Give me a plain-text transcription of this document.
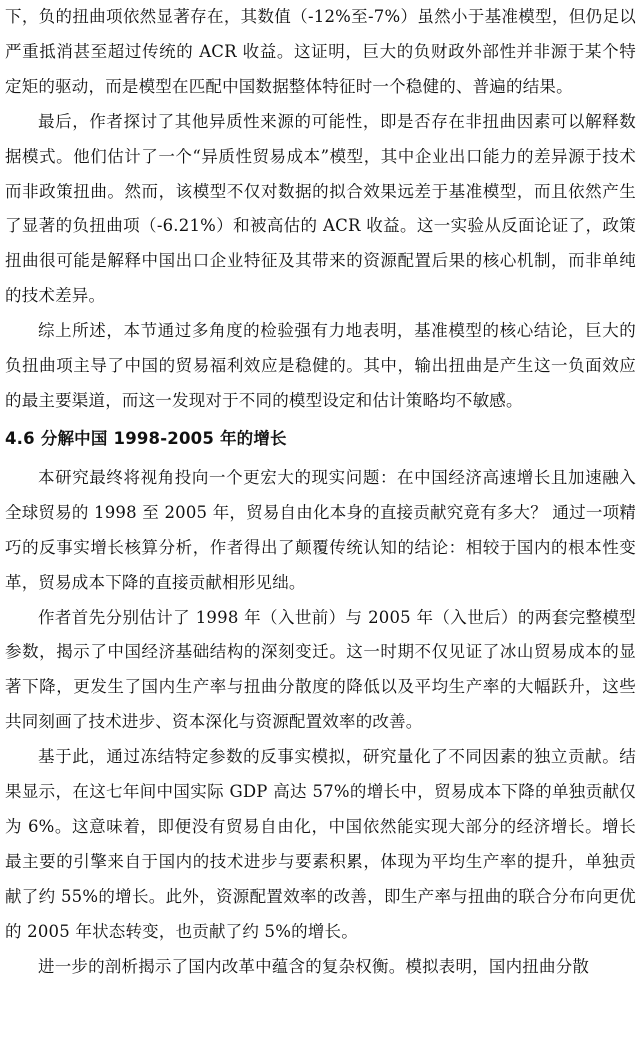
下，负的扭曲项依然显著存在，其数值（-12%至-7%）虽然小于基准模型，但仍足以严重抵消甚至超过传统的 ACR 收益。这证明，巨大的负财政外部性并非源于某个特定矩的驱动，而是模型在匹配中国数据整体特征时一个稳健的、普遍的结果。

最后，作者探讨了其他异质性来源的可能性，即是否存在非扭曲因素可以解释数据模式。他们估计了一个“异质性贸易成本”模型，其中企业出口能力的差异源于技术而非政策扭曲。然而，该模型不仅对数据的拟合效果远差于基准模型，而且依然产生了显著的负扭曲项（-6.21%）和被高估的 ACR 收益。这一实验从反面论证了，政策扭曲很可能是解释中国出口企业特征及其带来的资源配置后果的核心机制，而非单纯的技术差异。

综上所述，本节通过多角度的检验强有力地表明，基准模型的核心结论，巨大的负扭曲项主导了中国的贸易福利效应是稳健的。其中，输出扭曲是产生这一负面效应的最主要渠道，而这一发现对于不同的模型设定和估计策略均不敏感。

4.6 分解中国 1998-2005 年的增长

本研究最终将视角投向一个更宏大的现实问题：在中国经济高速增长且加速融入全球贸易的 1998 至 2005 年，贸易自由化本身的直接贡献究竟有多大？ 通过一项精巧的反事实增长核算分析，作者得出了颠覆传统认知的结论：相较于国内的根本性变革，贸易成本下降的直接贡献相形见绌。

作者首先分别估计了 1998 年（入世前）与 2005 年（入世后）的两套完整模型参数，揭示了中国经济基础结构的深刻变迁。这一时期不仅见证了冰山贸易成本的显著下降，更发生了国内生产率与扭曲分散度的降低以及平均生产率的大幅跃升，这些共同刻画了技术进步、资本深化与资源配置效率的改善。

基于此，通过冻结特定参数的反事实模拟，研究量化了不同因素的独立贡献。结果显示，在这七年间中国实际 GDP 高达 57%的增长中，贸易成本下降的单独贡献仅为 6%。这意味着，即便没有贸易自由化，中国依然能实现大部分的经济增长。增长最主要的引擎来自于国内的技术进步与要素积累，体现为平均生产率的提升，单独贡献了约 55%的增长。此外，资源配置效率的改善，即生产率与扭曲的联合分布向更优的 2005 年状态转变，也贡献了约 5%的增长。

进一步的剖析揭示了国内改革中蕴含的复杂权衡。模拟表明，国内扭曲分散
